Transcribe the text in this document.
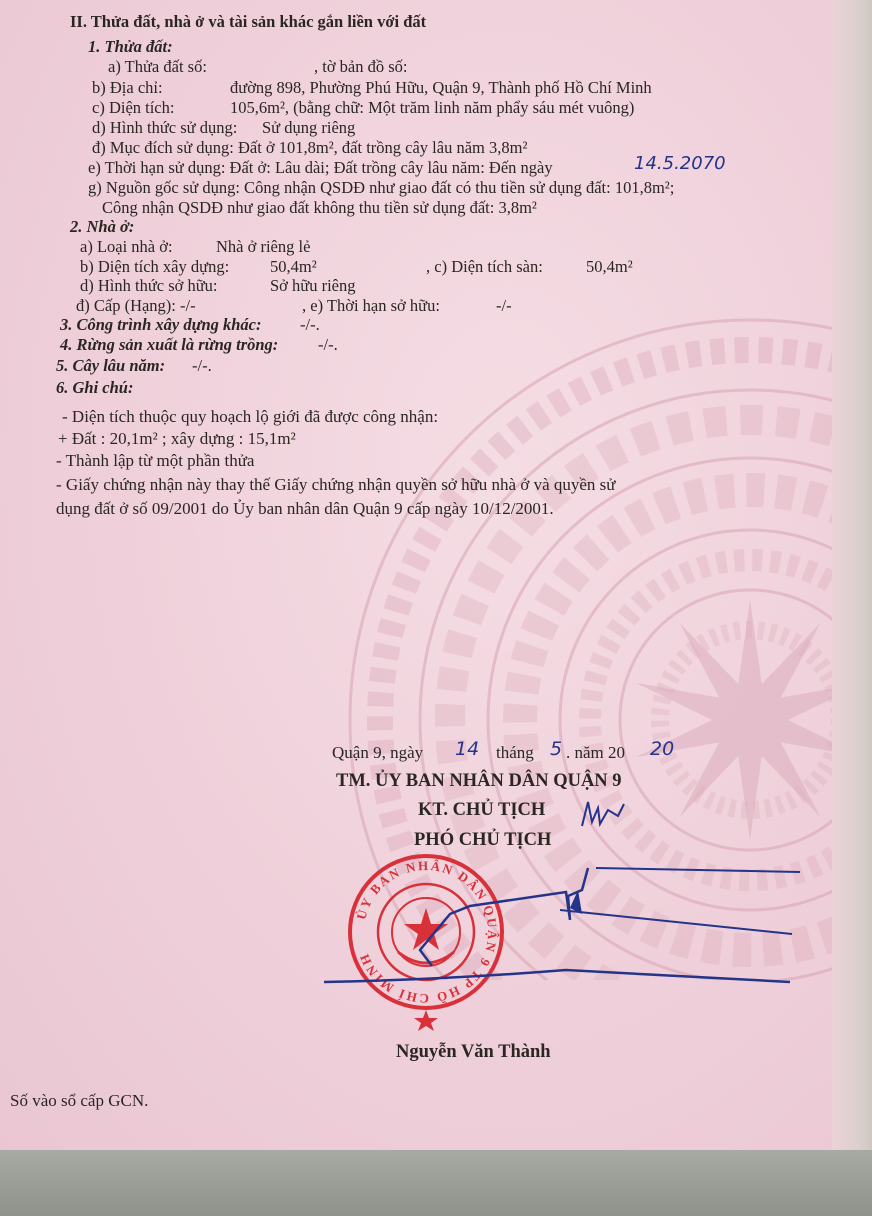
II. Thửa đất, nhà ở và tài sản khác gắn liền với đất
1. Thửa đất:
a) Thửa đất số:	, tờ bản đồ số:
b) Địa chỉ:	đường 898, Phường Phú Hữu, Quận 9, Thành phố Hồ Chí Minh
c) Diện tích:	105,6m², (bằng chữ: Một trăm linh năm phẩy sáu mét vuông)
d) Hình thức sử dụng: Sử dụng riêng
đ) Mục đích sử dụng: Đất ở 101,8m², đất trồng cây lâu năm 3,8m²
e) Thời hạn sử dụng: Đất ở: Lâu dài; Đất trồng cây lâu năm: Đến ngày	14.5.2070
g) Nguồn gốc sử dụng: Công nhận QSDĐ như giao đất có thu tiền sử dụng đất: 101,8m²;
Công nhận QSDĐ như giao đất không thu tiền sử dụng đất: 3,8m²
2. Nhà ở:
a) Loại nhà ở:	Nhà ở riêng lẻ
b) Diện tích xây dựng: 50,4m²	, c) Diện tích sàn:	50,4m²
d) Hình thức sở hữu:	Sở hữu riêng
đ) Cấp (Hạng): -/-	, e) Thời hạn sở hữu:	-/-
3. Công trình xây dựng khác: -/-.
4. Rừng sản xuất là rừng trồng: -/-.
5. Cây lâu năm: -/-.
6. Ghi chú:
- Diện tích thuộc quy hoạch lộ giới đã được công nhận:
+ Đất : 20,1m² ; xây dựng : 15,1m²
- Thành lập từ một phần thửa
- Giấy chứng nhận này thay thế Giấy chứng nhận quyền sở hữu nhà ở và quyền sử
dụng đất ở số 09/2001 do Ủy ban nhân dân Quận 9 cấp ngày 10/12/2001.
Quận 9, ngày 14 tháng 5 . năm 20 20
TM. ỦY BAN NHÂN DÂN QUẬN 9
KT. CHỦ TỊCH
PHÓ CHỦ TỊCH
ỦY BAN NHÂN DÂN QUẬN 9 TP HỒ CHÍ MINH
Nguyễn Văn Thành
Số vào sổ cấp GCN.
